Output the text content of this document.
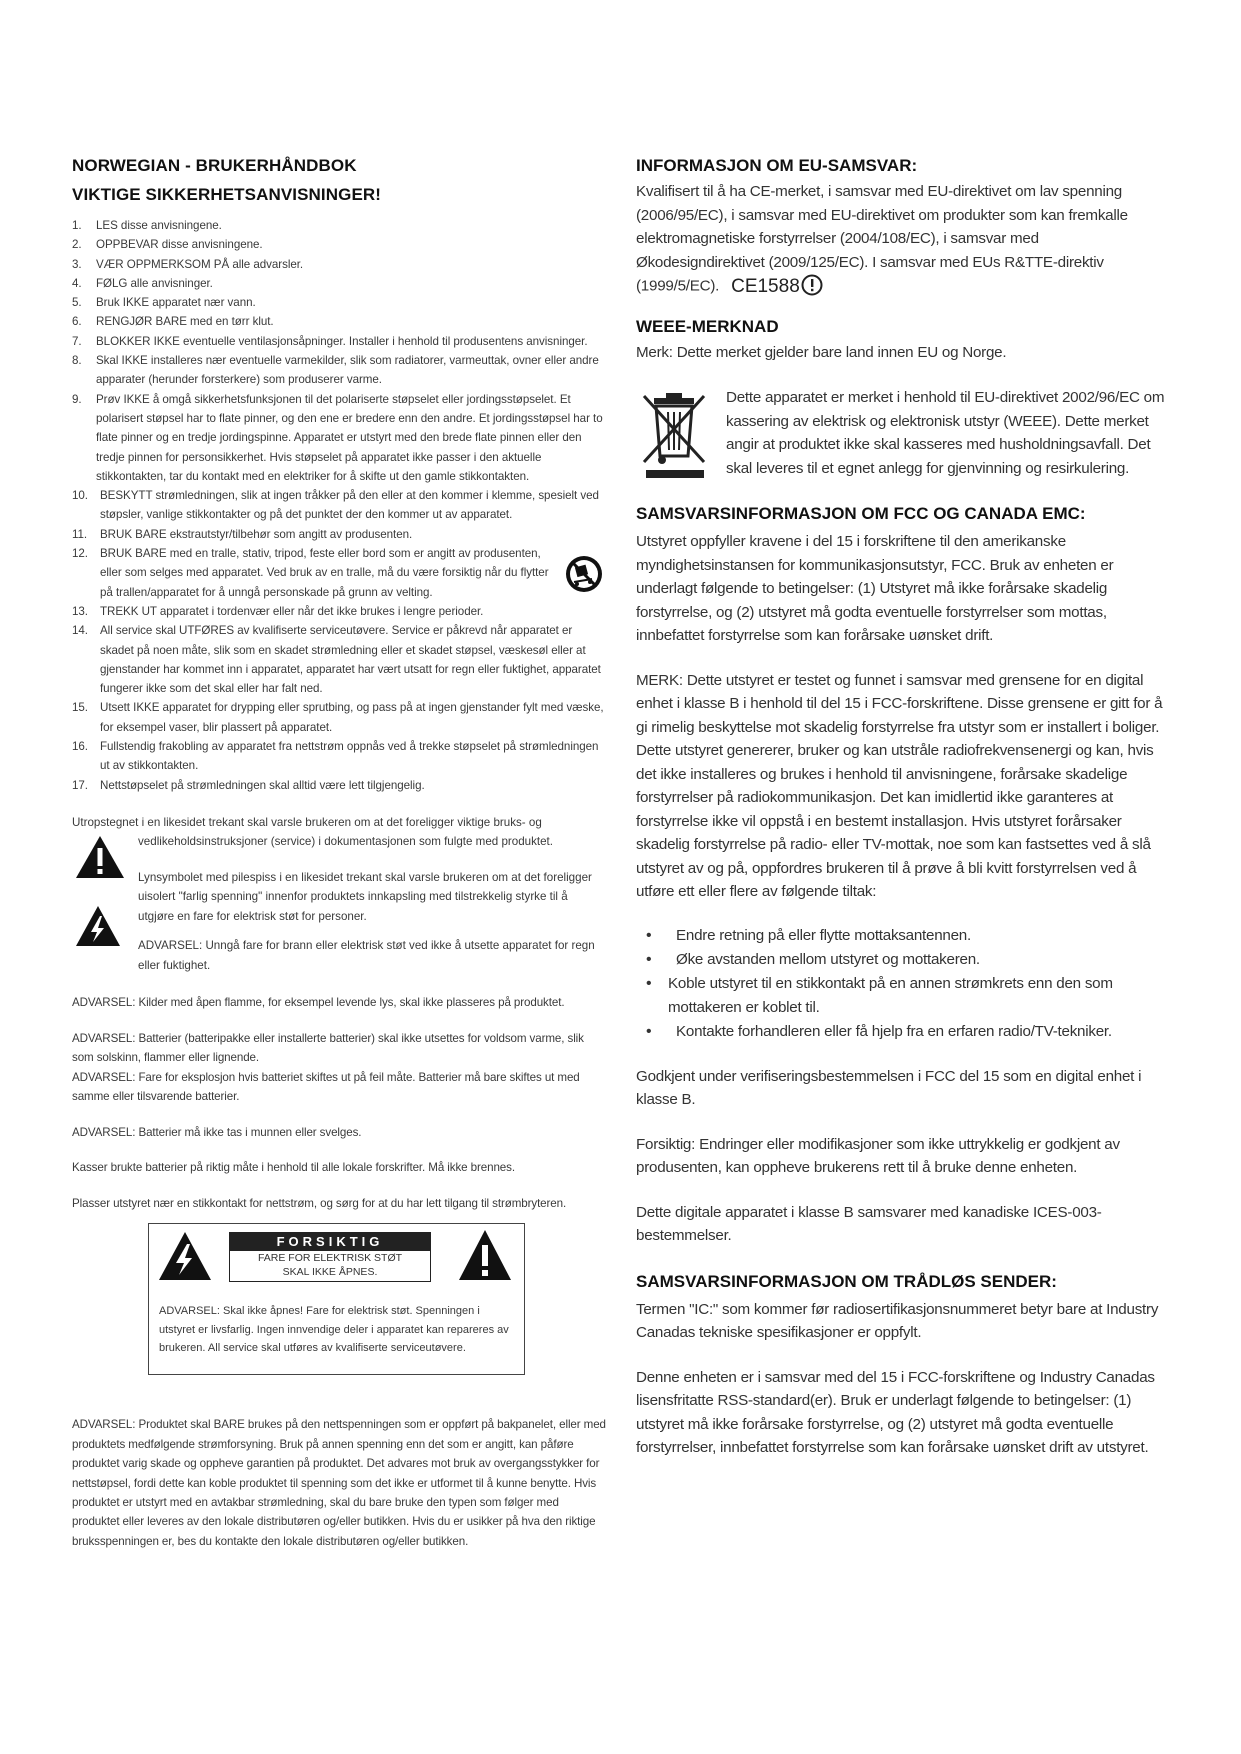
NORWEGIAN - BRUKERHÅNDBOK
VIKTIGE SIKKERHETSANVISNINGER!
1. LES disse anvisningene.
2. OPPBEVAR disse anvisningene.
3. VÆR OPPMERKSOM PÅ alle advarsler.
4. FØLG alle anvisninger.
5. Bruk IKKE apparatet nær vann.
6. RENGJØR BARE med en tørr klut.
7. BLOKKER IKKE eventuelle ventilasjonsåpninger. Installer i henhold til produsentens anvisninger.
8. Skal IKKE installeres nær eventuelle varmekilder, slik som radiatorer, varmeuttak, ovner eller andre apparater (herunder forsterkere) som produserer varme.
9. Prøv IKKE å omgå sikkerhetsfunksjonen til det polariserte støpselet eller jordingsstøpselet. Et polarisert støpsel har to flate pinner, og den ene er bredere enn den andre. Et jordingsstøpsel har to flate pinner og en tredje jordingspinne. Apparatet er utstyrt med den brede flate pinnen eller den tredje pinnen for personsikkerhet. Hvis støpselet på apparatet ikke passer i den aktuelle stikkontakten, tar du kontakt med en elektriker for å skifte ut den gamle stikkontakten.
10. BESKYTT strømledningen, slik at ingen tråkker på den eller at den kommer i klemme, spesielt ved støpsler, vanlige stikkontakter og på det punktet der den kommer ut av apparatet.
11. BRUK BARE ekstrautstyr/tilbehør som angitt av produsenten.
12. BRUK BARE med en tralle, stativ, tripod, feste eller bord som er angitt av produsenten, eller som selges med apparatet. Ved bruk av en tralle, må du være forsiktig når du flytter på trallen/apparatet for å unngå personskade på grunn av velting.
13. TREKK UT apparatet i tordenvær eller når det ikke brukes i lengre perioder.
14. All service skal UTFØRES av kvalifiserte serviceutøvere. Service er påkrevd når apparatet er skadet på noen måte, slik som en skadet strømledning eller et skadet støpsel, væskesøl eller at gjenstander har kommet inn i apparatet, apparatet har vært utsatt for regn eller fuktighet, apparatet fungerer ikke som det skal eller har falt ned.
15. Utsett IKKE apparatet for drypping eller sprutbing, og pass på at ingen gjenstander fylt med væske, for eksempel vaser, blir plassert på apparatet.
16. Fullstendig frakobling av apparatet fra nettstrøm oppnås ved å trekke støpselet på strømledningen ut av stikkontakten.
17. Nettstøpselet på strømledningen skal alltid være lett tilgjengelig.
Utropstegnet i en likesidet trekant skal varsle brukeren om at det foreligger viktige bruks- og
vedlikeholdsinstruksjoner (service) i dokumentasjonen som fulgte med produktet.
Lynsymbolet med pilespiss i en likesidet trekant skal varsle brukeren om at det foreligger uisolert "farlig spenning" innenfor produktets innkapsling med tilstrekkelig styrke til å utgjøre en fare for elektrisk støt for personer.
ADVARSEL: Unngå fare for brann eller elektrisk støt ved ikke å utsette apparatet for regn eller fuktighet.

ADVARSEL: Kilder med åpen flamme, for eksempel levende lys, skal ikke plasseres på produktet.

ADVARSEL: Batterier (batteripakke eller installerte batterier) skal ikke utsettes for voldsom varme, slik som solskinn, flammer eller lignende.

ADVARSEL: Fare for eksplosjon hvis batteriet skiftes ut på feil måte. Batterier må bare skiftes ut med samme eller tilsvarende batterier.

ADVARSEL: Batterier må ikke tas i munnen eller svelges.

Kasser brukte batterier på riktig måte i henhold til alle lokale forskrifter. Må ikke brennes.

Plasser utstyret nær en stikkontakt for nettstrøm, og sørg for at du har lett tilgang til strømbryteren.

FORSIKTIG
FARE FOR ELEKTRISK STØT
SKAL IKKE ÅPNES.
ADVARSEL: Skal ikke åpnes! Fare for elektrisk støt. Spenningen i utstyret er livsfarlig. Ingen innvendige deler i apparatet kan repareres av brukeren. All service skal utføres av kvalifiserte serviceutøvere.

ADVARSEL: Produktet skal BARE brukes på den nettspenningen som er oppført på bakpanelet, eller med produktets medfølgende strømforsyning. Bruk på annen spenning enn det som er angitt, kan påføre produktet varig skade og oppheve garantien på produktet. Det advares mot bruk av overgangsstykker for nettstøpsel, fordi dette kan koble produktet til spenning som det ikke er utformet til å kunne benytte. Hvis produktet er utstyrt med en avtakbar strømledning, skal du bare bruke den typen som følger med produktet eller leveres av den lokale distributøren og/eller butikken. Hvis du er usikker på hva den riktige bruksspenningen er, bes du kontakte den lokale distributøren og/eller butikken.

INFORMASJON OM EU-SAMSVAR:

Kvalifisert til å ha CE-merket, i samsvar med EU-direktivet om lav spenning (2006/95/EC), i samsvar med EU-direktivet om produkter som kan fremkalle elektromagnetiske forstyrrelser (2004/108/EC), i samsvar med Økodesigndirektivet (2009/125/EC). I samsvar med EUs R&TTE-direktiv (1999/5/EC). CE1588

WEEE-MERKNAD

Merk: Dette merket gjelder bare land innen EU og Norge.

Dette apparatet er merket i henhold til EU-direktivet 2002/96/EC om kassering av elektrisk og elektronisk utstyr (WEEE). Dette merket angir at produktet ikke skal kasseres med husholdningsavfall. Det skal leveres til et egnet anlegg for gjenvinning og resirkulering.

SAMSVARSINFORMASJON OM FCC OG CANADA EMC:

Utstyret oppfyller kravene i del 15 i forskriftene til den amerikanske myndighetsinstansen for kommunikasjonsutstyr, FCC. Bruk av enheten er underlagt følgende to betingelser: (1) Utstyret må ikke forårsake skadelig forstyrrelse, og (2) utstyret må godta eventuelle forstyrrelser som mottas, innbefattet forstyrrelse som kan forårsake uønsket drift.

MERK: Dette utstyret er testet og funnet i samsvar med grensene for en digital enhet i klasse B i henhold til del 15 i FCC-forskriftene. Disse grensene er gitt for å gi rimelig beskyttelse mot skadelig forstyrrelse fra utstyr som er installert i boliger. Dette utstyret genererer, bruker og kan utstråle radiofrekvensenergi og kan, hvis det ikke installeres og brukes i henhold til anvisningene, forårsake skadelige forstyrrelser på radiokommunikasjon. Det kan imidlertid ikke garanteres at forstyrrelse ikke vil oppstå i en bestemt installasjon. Hvis utstyret forårsaker skadelig forstyrrelse på radio- eller TV-mottak, noe som kan fastsettes ved å slå utstyret av og på, oppfordres brukeren til å prøve å bli kvitt forstyrrelsen ved å utføre ett eller flere av følgende tiltak:

• Endre retning på eller flytte mottaksantennen.
• Øke avstanden mellom utstyret og mottakeren.
• Koble utstyret til en stikkontakt på en annen strømkrets enn den som mottakeren er koblet til.
• Kontakte forhandleren eller få hjelp fra en erfaren radio/TV-tekniker.

Godkjent under verifiseringsbestemmelsen i FCC del 15 som en digital enhet i klasse B.

Forsiktig: Endringer eller modifikasjoner som ikke uttrykkelig er godkjent av produsenten, kan oppheve brukerens rett til å bruke denne enheten.

Dette digitale apparatet i klasse B samsvarer med kanadiske ICES-003-bestemmelser.

SAMSVARSINFORMASJON OM TRÅDLØS SENDER:

Termen "IC:" som kommer før radiosertifikasjonsnummeret betyr bare at Industry Canadas tekniske spesifikasjoner er oppfylt.

Denne enheten er i samsvar med del 15 i FCC-forskriftene og Industry Canadas lisensfritatte RSS-standard(er). Bruk er underlagt følgende to betingelser: (1) utstyret må ikke forårsake forstyrrelse, og (2) utstyret må godta eventuelle forstyrrelser, innbefattet forstyrrelse som kan forårsake uønsket drift av utstyret.
